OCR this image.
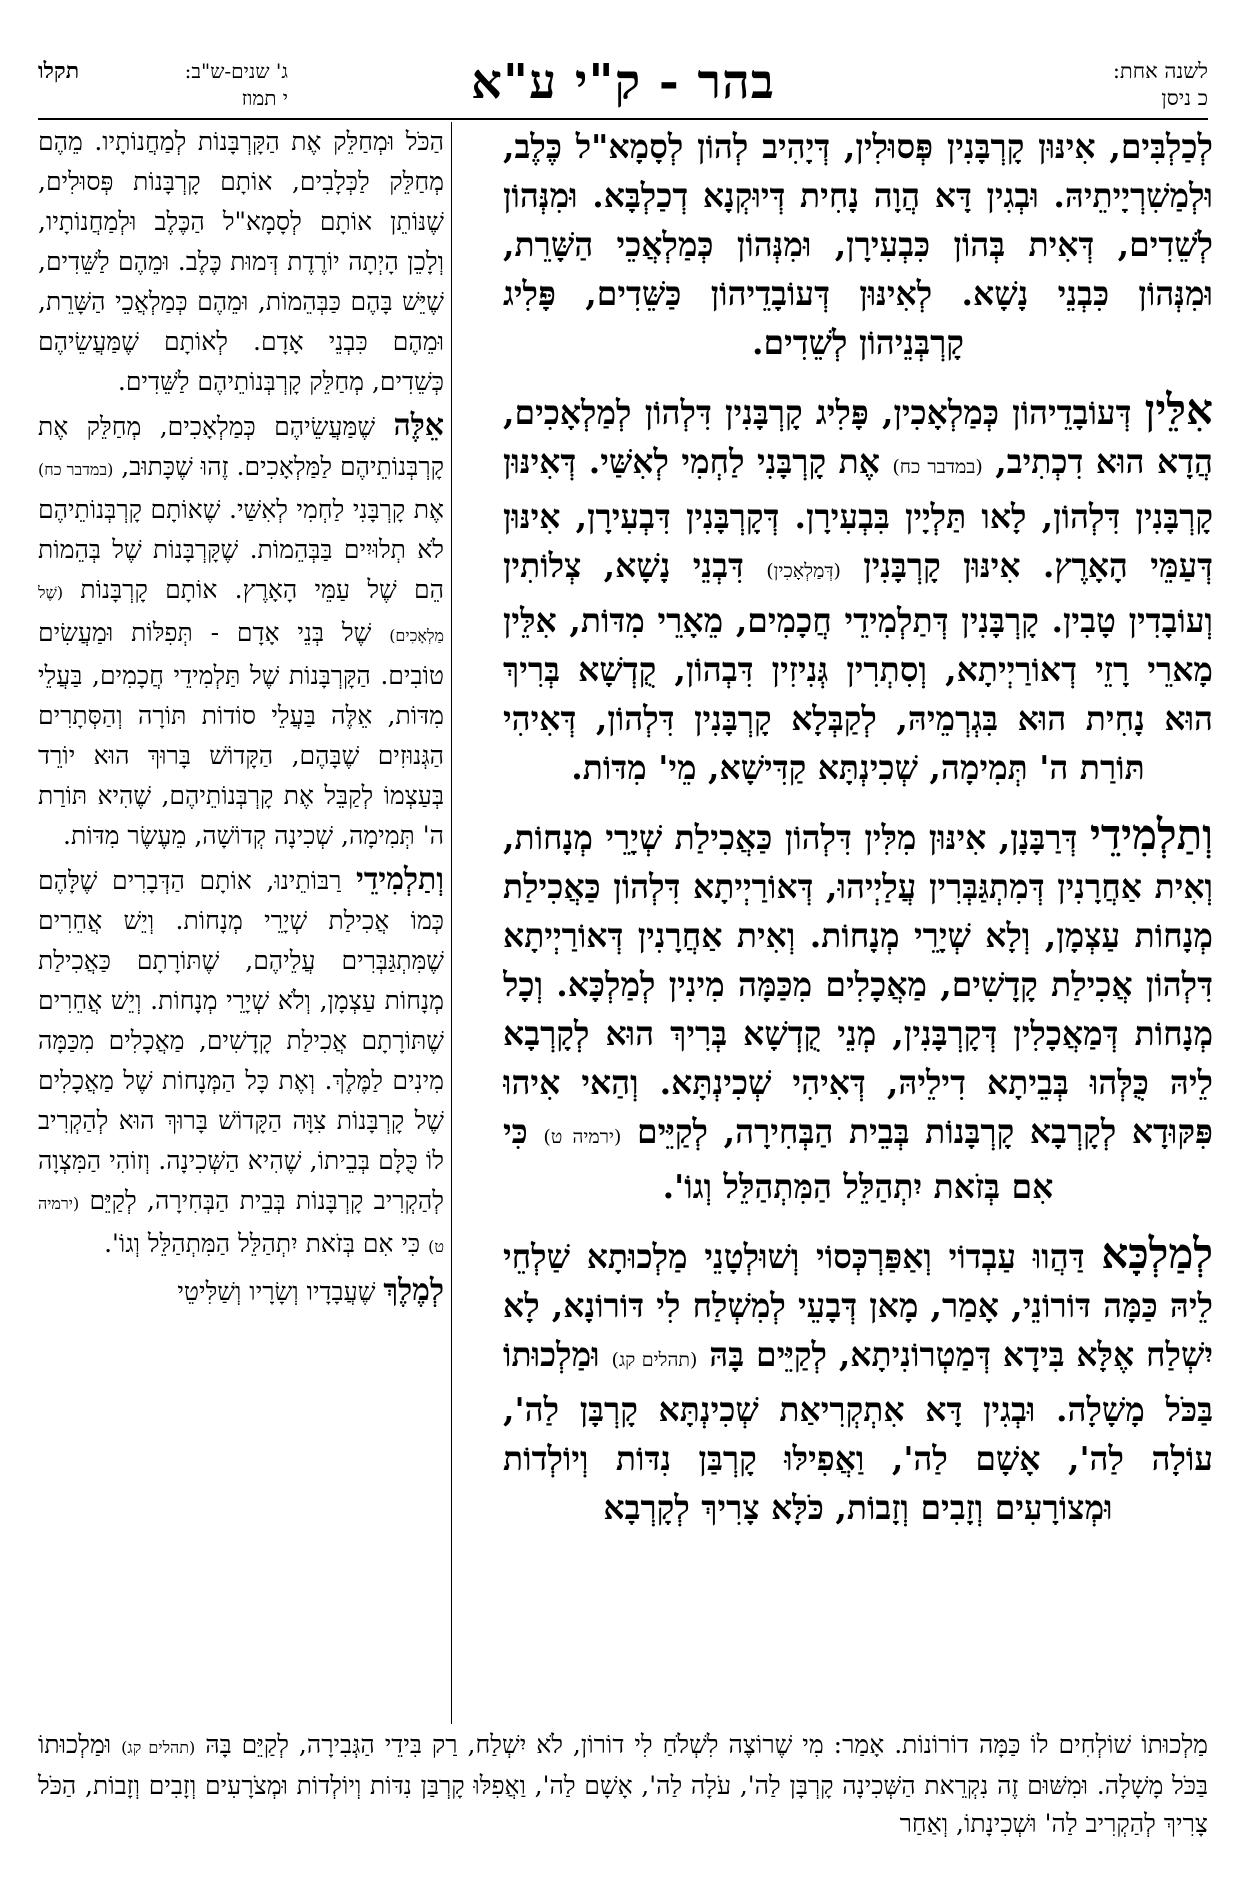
לשנה אחת:
כ ניסן
בהר - ק"י ע"א
ג' שנים-ש"ב:
י תמוז
תקלו

לְכַלְבִּים, אִינּוּן קָרְבָּנִין פְּסוּלִין, דְּיָהִיב לְהוֹן לְסָמָא"ל כֶּלֶב, וּלְמַשִׁרְיָיתֵיהּ. וּבְגִין דָּא הֲוָה נָחִית דְּיוּקְנָא דְכַלְבָּא. וּמִנְּהוֹן לְשֵׁדִים, דְּאִית בְּהוֹן כִּבְעִירָן, וּמִנְּהוֹן כְּמַלְאֲכֵי הַשָּׁרֵת, וּמִנְּהוֹן כִּבְנֵי נָשָׁא. לְאִינּוּן דְּעוֹבָדֵיהוֹן כַּשֵּׁדִים, פָּלִיג קָרְבְּנֵיהוֹן לְשֵׁדִים.

אִלֵּין דְּעוֹבָדֵיהוֹן כְּמַלְאָכִין, פָּלִיג קָרְבָּנִין דִּלְהוֹן לְמַלְאָכִים, הֲדָא הוּא דִכְתִיב, (במדבר כח) אֶת קָרְבָּנִי לַחְמִי לְאִשַּׁי. דְּאִינּוּן קָרְבָּנִין דִּלְהוֹן, לָאו תַּלְיָין בִּבְעִירָן. דְּקָרְבָּנִין דִּבְעִירָן, אִינּוּן דְּעַמֵּי הָאָרֶץ. אִינּוּן קָרְבָּנִין (דְּמַלְאָכִין) דִּבְנֵי נָשָׁא, צְלוֹתִין וְעוֹבָדִין טָבִין. קָרְבָּנִין דְּתַלְמִידֵי חֲכָמִים, מֵאָרֵי מִדּוֹת, אִלֵּין מָארֵי רָזֵי דְאוֹרַיְיתָא, וְסִתְרִין גְּנִיזִין דִּבְהוֹן, קֻדְשָׁא בְּרִיךְ הוּא נָחִית הוּא בִּגְרְמֵיהּ, לְקַבְּלָא קָרְבָּנִין דִּלְהוֹן, דְּאִיהִי תּוֹרַת ה' תְּמִימָה, שְׁכִינְתָּא קַדִּישָׁא, מֵי' מִדּוֹת.

וְתַלְמִידֵי דְּרַבָּנָן, אִינּוּן מִלִּין דִּלְהוֹן כַּאֲכִילַת שְׁיָרֵי מְנָחוֹת, וְאִית אַחֲרָנִין דְּמִתְגַּבְּרִין עֲלַיְיהוּ, דְּאוֹרַיְיתָא דִּלְהוֹן כַּאֲכִילַת מְנָחוֹת עַצְמָן, וְלָא שְׁיָרֵי מְנָחוֹת. וְאִית אַחֲרָנִין דְּאוֹרַיְיתָא דִּלְהוֹן אֲכִילַת קָדָשִׁים, מַאֲכָלִים מִכַּמָּה מִינִין לְמַלְכָּא. וְכָל מְנָחוֹת דְּמַאֲכָלִין דְּקָרְבָּנִין, מְנֵי קֻדְשָׁא בְּרִיךְ הוּא לְקָרְבָא לֵיהּ כֻּלְּהוּ בְּבֵיתָא דִילֵיהּ, דְּאִיהִי שְׁכִינְתָּא. וְהַאי אִיהוּ פִּקּוּדָא לְקָרְבָא קָרְבָּנוֹת בְּבֵית הַבְּחִירָה, לְקַיֵּים (ירמיה ט) כִּי אִם בְּזֹאת יִתְהַלֵּל הַמִּתְהַלֵּל וְגוֹ'.

לְמַלְכָּא דַּהֲווּ עַבְדוֹי וְאַפַּרְכְּסוֹי וְשׁוּלְטָנֵי מַלְכוּתָא שַׁלְחֵי לֵיהּ כַּמָּה דּוֹרוֹנֵי, אָמַר, מָאן דְּבָעֵי לְמִשְׁלַח לִי דּוֹרוֹנָא, לָא יִשְׁלַח אֶלָּא בִּידָא דְּמַטְרוֹנִיתָא, לְקַיֵּים בָּהּ (תהלים קג) וּמַלְכוּתוֹ בַּכֹּל מָשָׁלָה. וּבְגִין דָּא אִתְקְרִיאַת שְׁכִינְתָּא קָרְבָּן לַה', עוֹלָה לַה', אָשָׁם לַה', וַאֲפִילּוּ קָרְבַּן נִדּוֹת וְיוֹלְדוֹת וּמְצוֹרָעִים וְזָבִים וְזָבוֹת, כֹּלָּא צָרִיךְ לְקָרְבָא

הַכֹּל וּמְחַלֵּק אֶת הַקָּרְבָּנוֹת לְמַחֲנוֹתָיו. מֵהֶם מְחַלֵּק לַכְּלָבִים, אוֹתָם קָרְבָּנוֹת פְּסוּלִים, שֶׁנּוֹתֵן אוֹתָם לְסָמָא"ל הַכֶּלֶב וּלְמַחֲנוֹתָיו, וְלָכֵן הָיְתָה יוֹרֶדֶת דְּמוּת כֶּלֶב. וּמֵהֶם לַשֵּׁדִים, שֶׁיֵּשׁ בָּהֶם כַּבְּהֵמוֹת, וּמֵהֶם כְּמַלְאֲכֵי הַשָּׁרֵת, וּמֵהֶם כִּבְנֵי אָדָם. לְאוֹתָם שֶׁמַּעֲשֵׂיהֶם כְּשֵׁדִים, מְחַלֵּק קָרְבְּנוֹתֵיהֶם לַשֵּׁדִים.

אֵלֶּה שֶׁמַּעֲשֵׂיהֶם כְּמַלְאָכִים, מְחַלֵּק אֶת קָרְבְּנוֹתֵיהֶם לַמַּלְאָכִים. זֶהוּ שֶׁכָּתוּב, (במדבר כח) אֶת קָרְבָּנִי לַחְמִי לְאִשַּׁי. שֶׁאוֹתָם קָרְבְּנוֹתֵיהֶם לֹא תְלוּיִים בַּבְּהֵמוֹת. שֶׁקָּרְבָּנוֹת שֶׁל בְּהֵמוֹת הֵם שֶׁל עַמֵּי הָאָרֶץ. אוֹתָם קָרְבָּנוֹת (שֶׁל מַלְאָכִים) שֶׁל בְּנֵי אָדָם - תְּפִלּוֹת וּמַעֲשִׂים טוֹבִים. הַקָּרְבָּנוֹת שֶׁל תַּלְמִידֵי חֲכָמִים, בַּעֲלֵי מִדּוֹת, אֵלֶּה בַּעֲלֵי סוֹדוֹת תּוֹרָה וְהַסְּתָרִים הַגְּנוּזִים שֶׁבָּהֶם, הַקָּדוֹשׁ בָּרוּךְ הוּא יוֹרֵד בְּעַצְמוֹ לְקַבֵּל אֶת קָרְבְּנוֹתֵיהֶם, שֶׁהִיא תּוֹרַת ה' תְּמִימָה, שְׁכִינָה קְדוֹשָׁה, מֵעֶשֶׂר מִדּוֹת.

וְתַלְמִידֵי רַבּוֹתֵינוּ, אוֹתָם הַדְּבָרִים שֶׁלָּהֶם כְּמוֹ אֲכִילַת שְׁיָרֵי מְנָחוֹת. וְיֵשׁ אֲחֵרִים שֶׁמִּתְגַּבְּרִים עֲלֵיהֶם, שֶׁתּוֹרָתָם כַּאֲכִילַת מְנָחוֹת עַצְמָן, וְלֹא שְׁיָרֵי מְנָחוֹת. וְיֵשׁ אֲחֵרִים שֶׁתּוֹרָתָם אֲכִילַת קָדָשִׁים, מַאֲכָלִים מִכַּמָּה מִינִים לַמֶּלֶךְ. וְאֶת כָּל הַמְּנָחוֹת שֶׁל מַאֲכָלִים שֶׁל קָרְבָּנוֹת צִוָּה הַקָּדוֹשׁ בָּרוּךְ הוּא לְהַקְרִיב לוֹ כֻּלָּם בְּבֵיתוֹ, שֶׁהִיא הַשְּׁכִינָה. וְזוֹהִי הַמִּצְוָה לְהַקְרִיב קָרְבָּנוֹת בְּבֵית הַבְּחִירָה, לְקַיֵּם (ירמיה ט) כִּי אִם בְּזֹאת יִתְהַלֵּל הַמִּתְהַלֵּל וְגוֹ'.

לְמֶלֶךְ שֶׁעֲבָדָיו וְשָׂרָיו וְשַׁלִּיטֵי

מַלְכוּתוֹ שׁוֹלְחִים לוֹ כַּמָּה דוֹרוֹנוֹת. אָמַר: מִי שֶׁרוֹצֶה לִשְׁלֹחַ לִי דוֹרוֹן, לֹא יִשְׁלַח, רַק בִּידֵי הַגְּבִירָה, לְקַיֵּם בָּהּ (תהלים קג) וּמַלְכוּתוֹ בַּכֹּל מָשָׁלָה. וּמִשּׁוּם זֶה נִקְרֵאת הַשְּׁכִינָה קָרְבָּן לַה', עֹלָה לַה', אָשָׁם לַה', וַאֲפִלּוּ קָרְבַּן נִדּוֹת וְיוֹלְדוֹת וּמְצֹרָעִים וְזָבִים וְזָבוֹת, הַכֹּל צָרִיךְ לְהַקְרִיב לַה' וּשְׁכִינָתוֹ, וְאַחַר
